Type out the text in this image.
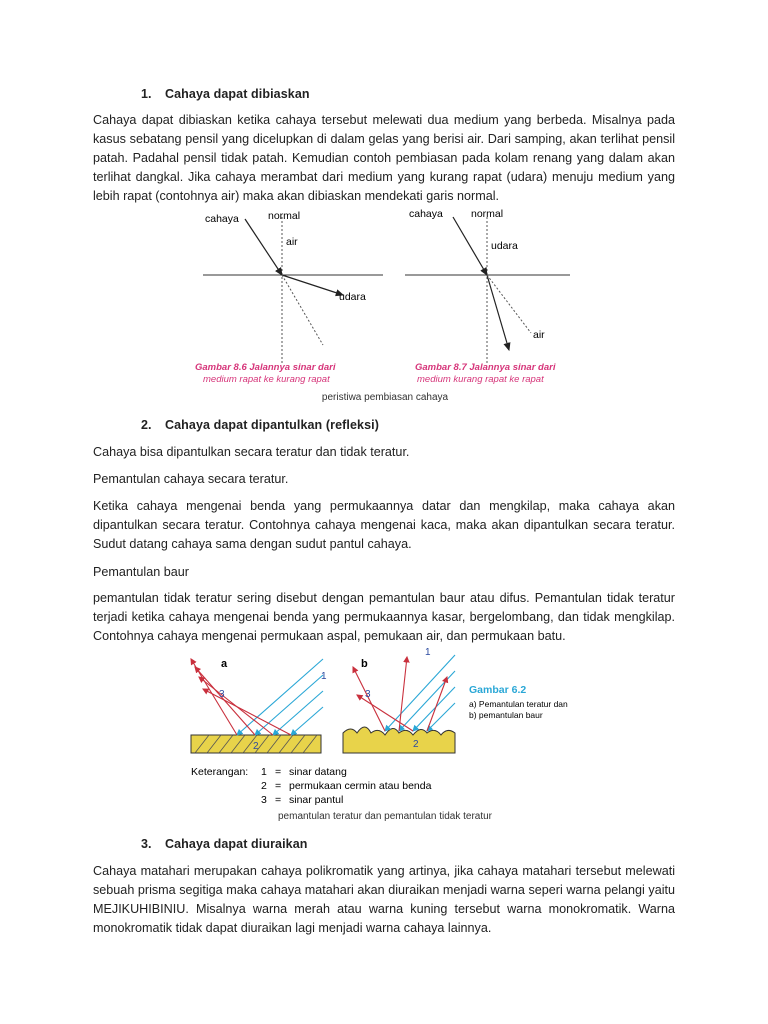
1. Cahaya dapat dibiaskan
Cahaya dapat dibiaskan ketika cahaya tersebut melewati dua medium yang berbeda. Misalnya pada kasus sebatang pensil yang dicelupkan di dalam gelas yang berisi air. Dari samping, akan terlihat pensil patah. Padahal pensil tidak patah. Kemudian contoh pembiasan pada kolam renang yang dalam akan terlihat dangkal. Jika cahaya merambat dari medium yang kurang rapat (udara) menuju medium yang lebih rapat (contohnya air) maka akan dibiaskan mendekati garis normal.
cahaya	normal
air
udara
Gambar 8.6 Jalannya sinar dari
medium rapat ke kurang rapat
cahaya	normal
udara
air
Gambar 8.7 Jalannya sinar dari
medium kurang rapat ke rapat
peristiwa pembiasan cahaya
2. Cahaya dapat dipantulkan (refleksi)
Cahaya bisa dipantulkan secara teratur dan tidak teratur.
Pemantulan cahaya secara teratur.
Ketika cahaya mengenai benda yang permukaannya datar dan mengkilap, maka cahaya akan dipantulkan secara teratur. Contohnya cahaya mengenai kaca, maka akan dipantulkan secara teratur. Sudut datang cahaya sama dengan sudut pantul cahaya.
Pemantulan baur
pemantulan tidak teratur sering disebut dengan pemantulan baur atau difus. Pemantulan tidak teratur terjadi ketika cahaya mengenai benda yang permukaannya kasar, bergelombang, dan tidak mengkilap. Contohnya cahaya mengenai permukaan aspal, pemukaan air, dan permukaan batu.
a
1
3
2
b
1
3
2
Gambar 6.2
a) Pemantulan teratur dan
b) pemantulan baur
Keterangan: 1 = sinar datang
2 = permukaan cermin atau benda
3 = sinar pantul
pemantulan teratur dan pemantulan tidak teratur
3. Cahaya dapat diuraikan
Cahaya matahari merupakan cahaya polikromatik yang artinya, jika cahaya matahari tersebut melewati sebuah prisma segitiga maka cahaya matahari akan diuraikan menjadi warna seperi warna pelangi yaitu MEJIKUHIBINIU. Misalnya warna merah atau warna kuning tersebut warna monokromatik. Warna monokromatik tidak dapat diuraikan lagi menjadi warna cahaya lainnya.
